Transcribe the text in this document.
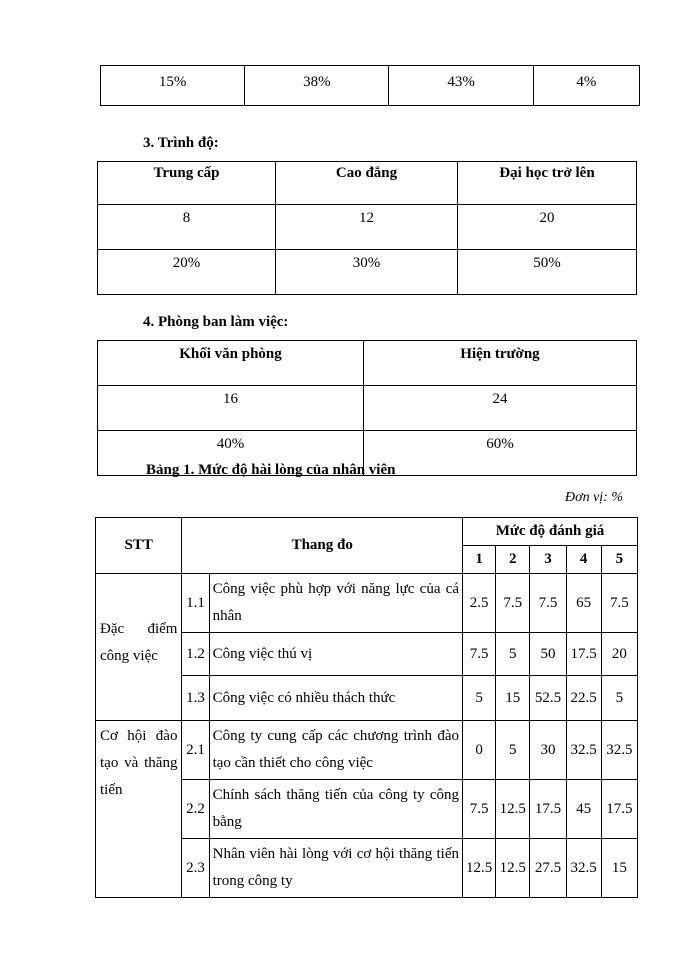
15%	38%	43%	4%
3. Trình độ:
Trung cấp	Cao đẳng	Đại học trở lên
8	12	20
20%	30%	50%
4. Phòng ban làm việc:
Khối văn phòng	Hiện trường
16	24
40%	60%
Bảng 1. Mức độ hài lòng của nhân viên
Đơn vị: %
STT	Thang đo		Mức độ đánh giá				
			1	2	3	4	5

Đặc điểm công việc	1.1	Công việc phù hợp với năng lực của cá nhân	2.5	7.5	7.5	65	7.5
	1.2	Công việc thú vị	7.5	5	50	17.5	20
	1.3	Công việc có nhiều thách thức	5	15	52.5	22.5	5

Cơ hội đào tạo và thăng tiến	2.1	Công ty cung cấp các chương trình đào tạo cần thiết cho công việc	0	5	30	32.5	32.5
	2.2	Chính sách thăng tiến của công ty công bằng	7.5	12.5	17.5	45	17.5
	2.3	Nhân viên hài lòng với cơ hội thăng tiến trong công ty	12.5	12.5	27.5	32.5	15
